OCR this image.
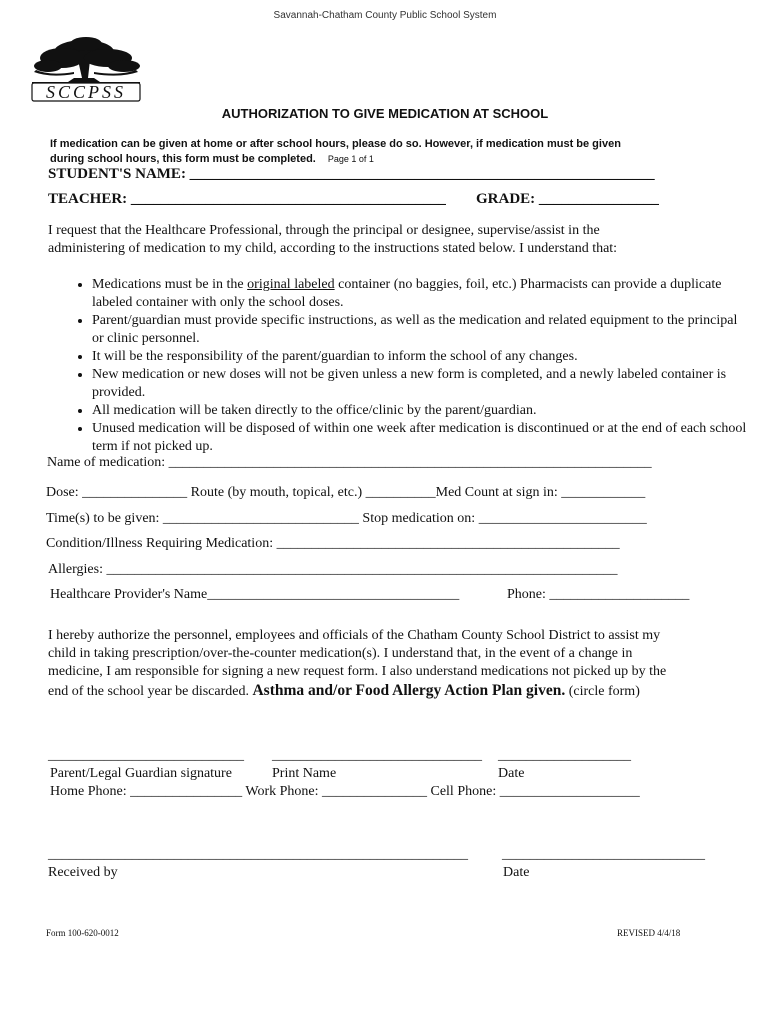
Savannah-Chatham County Public School System
SCCPSS
AUTHORIZATION TO GIVE MEDICATION AT SCHOOL
If medication can be given at home or after school hours, please do so. However, if medication must be given
during school hours, this form must be completed. Page 1 of 1
STUDENT'S NAME: ______________________________________________________________
TEACHER: __________________________________________ GRADE: ________________
I request that the Healthcare Professional, through the principal or designee, supervise/assist in the
administering of medication to my child, according to the instructions stated below. I understand that:
• Medications must be in the original labeled container (no baggies, foil, etc.) Pharmacists can provide a duplicate labeled container with only the school doses.
• Parent/guardian must provide specific instructions, as well as the medication and related equipment to the principal or clinic personnel.
• It will be the responsibility of the parent/guardian to inform the school of any changes.
• New medication or new doses will not be given unless a new form is completed, and a newly labeled container is provided.
• All medication will be taken directly to the office/clinic by the parent/guardian.
• Unused medication will be disposed of within one week after medication is discontinued or at the end of each school term if not picked up.
Name of medication: _____________________________________________________________________
Dose: _______________ Route (by mouth, topical, etc.) __________Med Count at sign in: ____________
Time(s) to be given: ____________________________ Stop medication on: ________________________
Condition/Illness Requiring Medication: _________________________________________________
Allergies: _________________________________________________________________________
Healthcare Provider's Name____________________________________	Phone: ____________________
I hereby authorize the personnel, employees and officials of the Chatham County School District to assist my
child in taking prescription/over-the-counter medication(s). I understand that, in the event of a change in
medicine, I am responsible for signing a new request form. I also understand medications not picked up by the
end of the school year be discarded. Asthma and/or Food Allergy Action Plan given. (circle form)
____________________________ ______________________________ ___________________
Parent/Legal Guardian signature	Print Name	Date
Home Phone: ________________ Work Phone: _______________ Cell Phone: ____________________
____________________________________________________________ _____________________________
Received by	Date
Form 100-620-0012	REVISED 4/4/18
